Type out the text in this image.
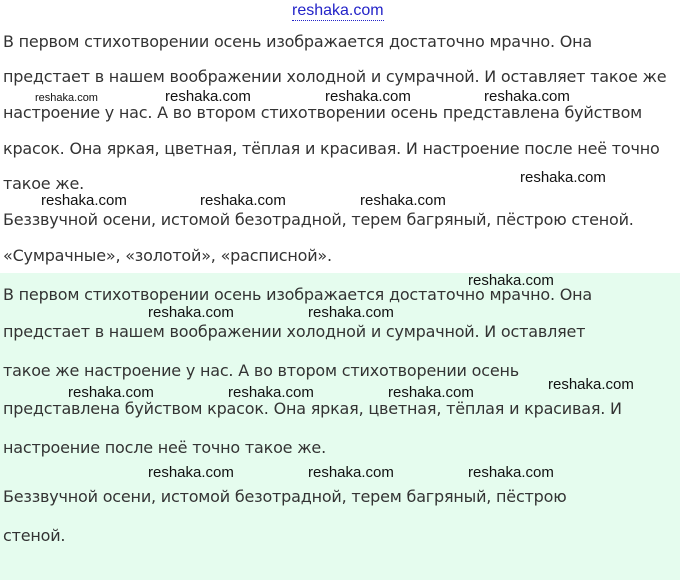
В первом стихотворении осень изображается достаточно мрачно. Она
предстает в нашем воображении холодной и сумрачной. И оставляет такое же
настроение у нас. А во втором стихотворении осень представлена буйством
красок. Она яркая, цветная, тёплая и красивая. И настроение после неё точно
такое же.

Беззвучной осени, истомой безотрадной, терем багряный, пёстрою стеной.

«Сумрачные», «золотой», «расписной».

В первом стихотворении осень изображается достаточно мрачно. Она
предстает в нашем воображении холодной и сумрачной. И оставляет
такое же настроение у нас. А во втором стихотворении осень
представлена буйством красок. Она яркая, цветная, тёплая и красивая. И
настроение после неё точно такое же.
Беззвучной осени, истомой безотрадной, терем багряный, пёстрою
стеной.
reshaka.com
reshaka.com	reshaka.com	reshaka.com	reshaka.com
reshaka.com
reshaka.com	reshaka.com	reshaka.com
reshaka.com
reshaka.com	reshaka.com
reshaka.com
reshaka.com	reshaka.com	reshaka.com
reshaka.com	reshaka.com	reshaka.com
